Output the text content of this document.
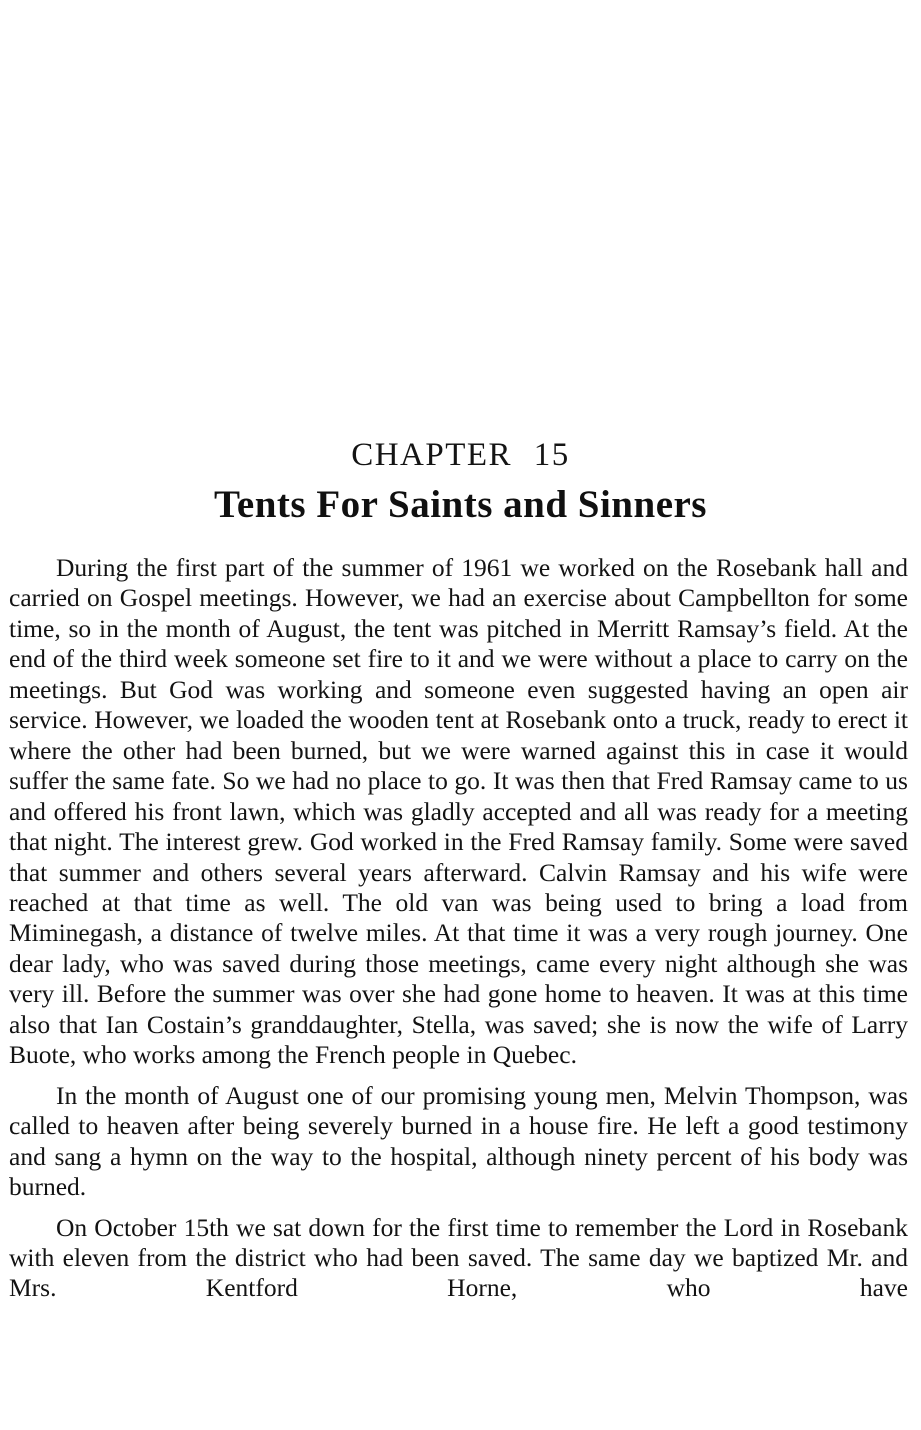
CHAPTER 15
Tents For Saints and Sinners

During the first part of the summer of 1961 we worked on the Rosebank hall and carried on Gospel meetings. However, we had an exercise about Campbellton for some time, so in the month of August, the tent was pitched in Merritt Ramsay’s field. At the end of the third week someone set fire to it and we were without a place to carry on the meetings. But God was working and someone even suggested having an open air service. However, we loaded the wooden tent at Rosebank onto a truck, ready to erect it where the other had been burned, but we were warned against this in case it would suffer the same fate. So we had no place to go. It was then that Fred Ramsay came to us and offered his front lawn, which was gladly accepted and all was ready for a meeting that night. The interest grew. God worked in the Fred Ramsay family. Some were saved that summer and others several years afterward. Calvin Ramsay and his wife were reached at that time as well. The old van was being used to bring a load from Miminegash, a distance of twelve miles. At that time it was a very rough journey. One dear lady, who was saved during those meetings, came every night although she was very ill. Before the summer was over she had gone home to heaven. It was at this time also that Ian Costain’s granddaughter, Stella, was saved; she is now the wife of Larry Buote, who works among the French people in Quebec.

In the month of August one of our promising young men, Melvin Thompson, was called to heaven after being severely burned in a house fire. He left a good testimony and sang a hymn on the way to the hospital, although ninety percent of his body was burned.

On October 15th we sat down for the first time to remember the Lord in Rosebank with eleven from the district who had been saved. The same day we baptized Mr. and Mrs. Kentford Horne, who have
